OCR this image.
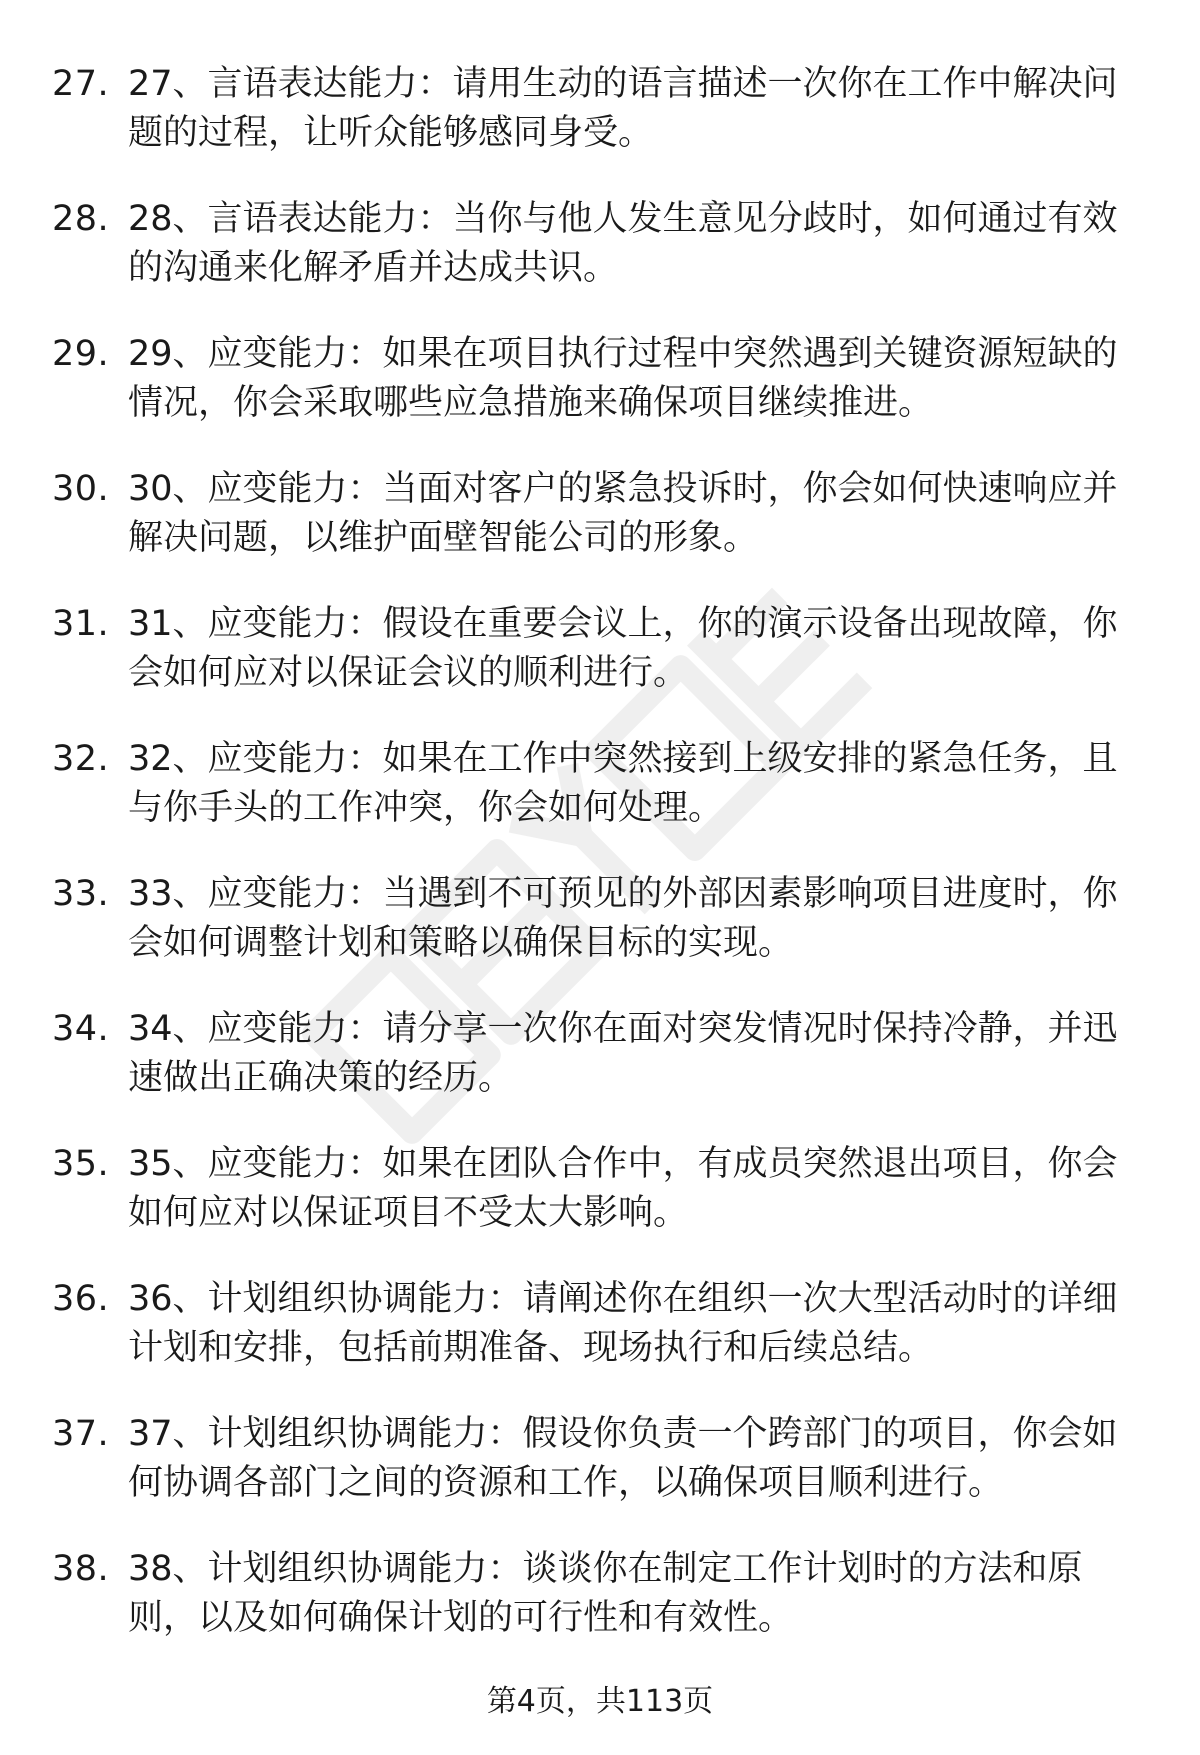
27. 27、言语表达能力：请用生动的语言描述一次你在工作中解决问题的过程，让听众能够感同身受。
28. 28、言语表达能力：当你与他人发生意见分歧时，如何通过有效的沟通来化解矛盾并达成共识。
29. 29、应变能力：如果在项目执行过程中突然遇到关键资源短缺的情况，你会采取哪些应急措施来确保项目继续推进。
30. 30、应变能力：当面对客户的紧急投诉时，你会如何快速响应并解决问题，以维护面壁智能公司的形象。
31. 31、应变能力：假设在重要会议上，你的演示设备出现故障，你会如何应对以保证会议的顺利进行。
32. 32、应变能力：如果在工作中突然接到上级安排的紧急任务，且与你手头的工作冲突，你会如何处理。
33. 33、应变能力：当遇到不可预见的外部因素影响项目进度时，你会如何调整计划和策略以确保目标的实现。
34. 34、应变能力：请分享一次你在面对突发情况时保持冷静，并迅速做出正确决策的经历。
35. 35、应变能力：如果在团队合作中，有成员突然退出项目，你会如何应对以保证项目不受太大影响。
36. 36、计划组织协调能力：请阐述你在组织一次大型活动时的详细计划和安排，包括前期准备、现场执行和后续总结。
37. 37、计划组织协调能力：假设你负责一个跨部门的项目，你会如何协调各部门之间的资源和工作，以确保项目顺利进行。
38. 38、计划组织协调能力：谈谈你在制定工作计划时的方法和原则，以及如何确保计划的可行性和有效性。
第4页，共113页
